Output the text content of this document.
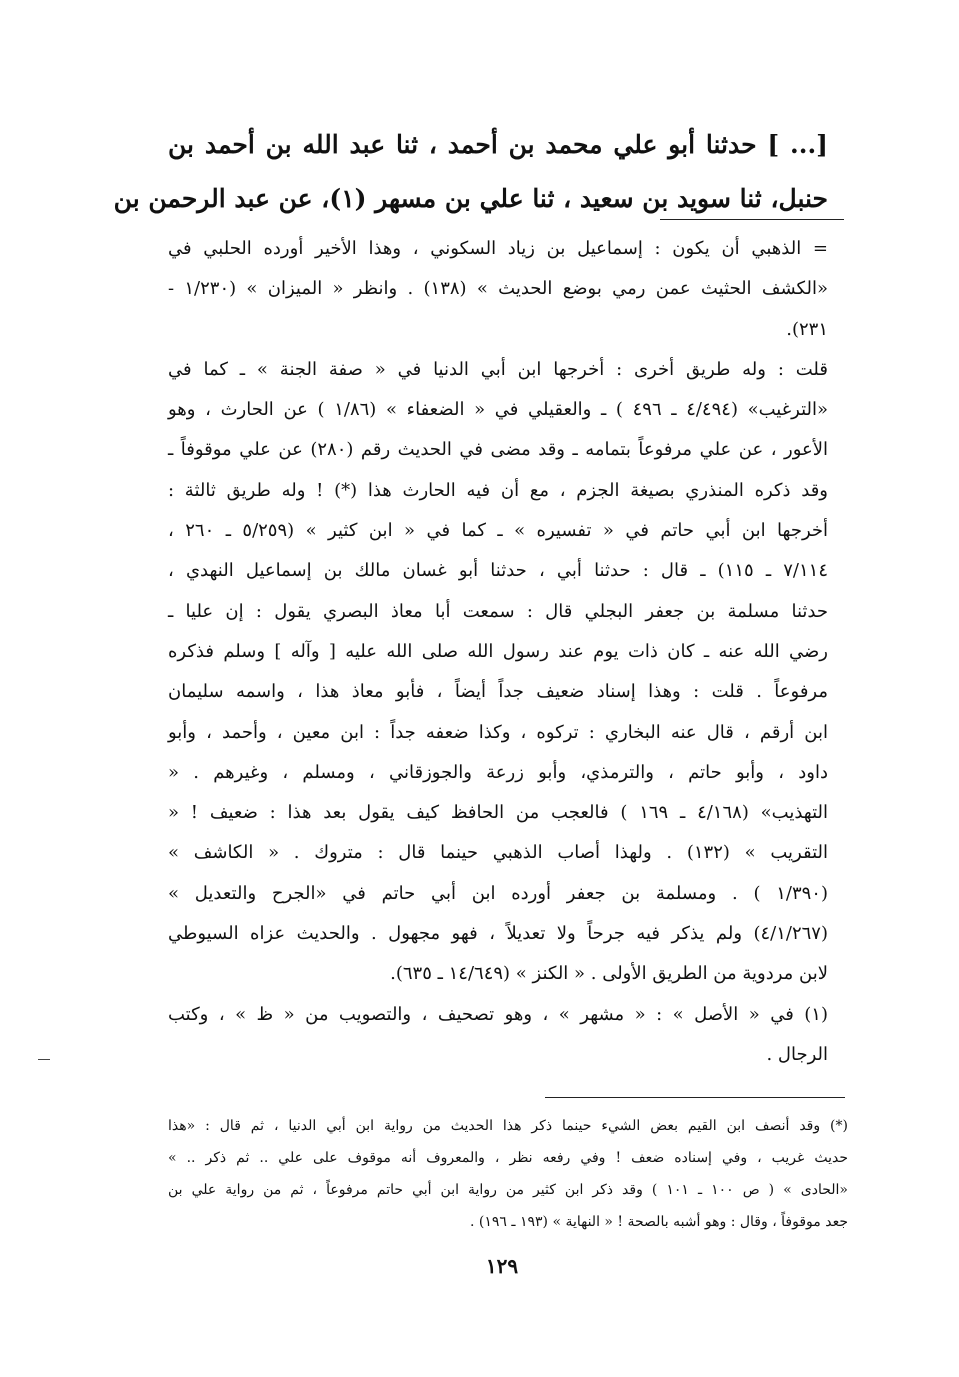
[... ] حدثنا أبو علي محمد بن أحمد ، ثنا عبد الله بن أحمد بن
حنبل، ثنا سويد بن سعيد ، ثنا علي بن مسهر (١)، عن عبد الرحمن بن
= الذهبي أن يكون : إسماعيل بن زياد السكوني ، وهذا الأخير أورده الحلبي في
«الكشف الحثيث عمن رمي بوضع الحديث » (١٣٨) . وانظر « الميزان » (١/٢٣٠ -
٢٣١).
قلت : وله طريق أخرى : أخرجها ابن أبي الدنيا في « صفة الجنة » ـ كما في
«الترغيب» (٤/٤٩٤ ـ ٤٩٦ ) ـ والعقيلي في « الضعفاء » (١/٨٦ ) عن الحارث ، وهو
الأعور ، عن علي مرفوعاً بتمامه ـ وقد مضى في الحديث رقم (٢٨٠) عن علي موقوفاً ـ
وقد ذكره المنذري بصيغة الجزم ، مع أن فيه الحارث هذا (*) ! وله طريق ثالثة :
أخرجها ابن أبي حاتم في « تفسيره » ـ كما في « ابن كثير » (٥/٢٥٩ ـ ٢٦٠ ،
٧/١١٤ ـ ١١٥) ـ قال : حدثنا أبي ، حدثنا أبو غسان مالك بن إسماعيل النهدي ،
حدثنا مسلمة بن جعفر البجلي قال : سمعت أبا معاذ البصري يقول : إن عليا ـ
رضي الله عنه ـ كان ذات يوم عند رسول الله صلى الله عليه [ وآله ] وسلم فذكره
مرفوعاً . قلت : وهذا إسناد ضعيف جداً أيضاً ، فأبو معاذ هذا ، واسمه سليمان
ابن أرقم ، قال عنه البخاري : تركوه ، وكذا ضعفه جداً : ابن معين ، وأحمد ، وأبو
داود ، وأبو حاتم ، والترمذي، وأبو زرعة والجوزقاني ، ومسلم ، وغيرهم . «
التهذيب» (٤/١٦٨ ـ ١٦٩ ) فالعجب من الحافظ كيف يقول بعد هذا : ضعيف ! «
التقريب » (١٣٢) . ولهذا أصاب الذهبي حينما قال : متروك . « الكاشف »
(١/٣٩٠ ) . ومسلمة بن جعفر أورده ابن أبي حاتم في «الجرح والتعديل »
(٤/١/٢٦٧) ولم يذكر فيه جرحاً ولا تعديلاً ، فهو مجهول . والحديث عزاه السيوطي
لابن مردوية من الطريق الأولى . « الكنز » (١٤/٦٤٩ ـ ٦٣٥).
(١) في « الأصل » : « مشهر » ، وهو تصحيف ، والتصويب من « ظ » ، وكتب
الرجال .
(*) وقد أنصف ابن القيم بعض الشيء حينما ذكر هذا الحديث من رواية ابن أبي الدنيا ، ثم قال : «هذا
حديث غريب ، وفي إسناده ضعف ! وفي رفعه نظر ، والمعروف أنه موقوف على علي .. ثم ذكر .. »
«الحادى » ( ص ١٠٠ ـ ١٠١ ) وقد ذكر ابن كثير من رواية ابن أبي حاتم مرفوعاً ، ثم من رواية علي بن
جعد موقوفاً ، وقال : وهو أشبه بالصحة ! « النهاية » (١٩٣ ـ ١٩٦) .
١٢٩
